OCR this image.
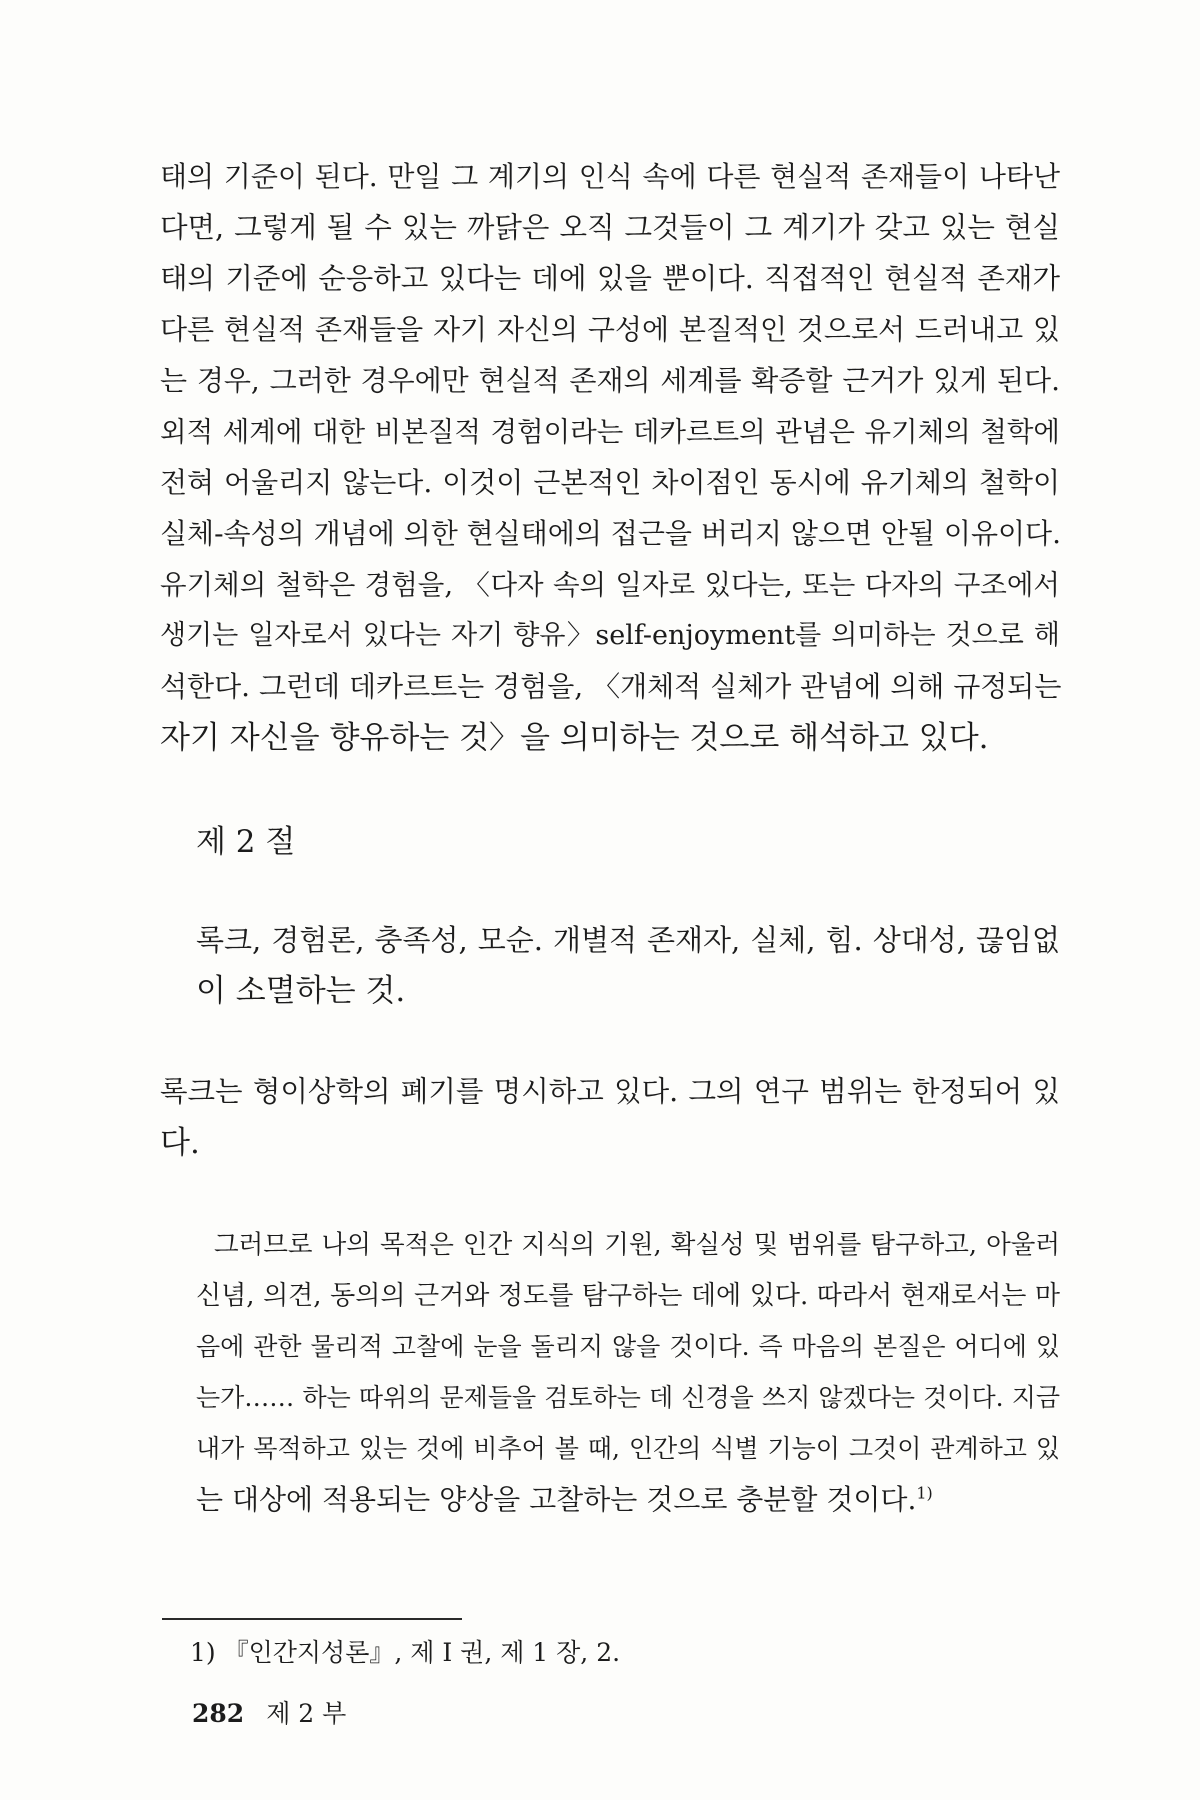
태의 기준이 된다. 만일 그 계기의 인식 속에 다른 현실적 존재들이 나타난
다면, 그렇게 될 수 있는 까닭은 오직 그것들이 그 계기가 갖고 있는 현실
태의 기준에 순응하고 있다는 데에 있을 뿐이다. 직접적인 현실적 존재가
다른 현실적 존재들을 자기 자신의 구성에 본질적인 것으로서 드러내고 있
는 경우, 그러한 경우에만 현실적 존재의 세계를 확증할 근거가 있게 된다.
외적 세계에 대한 비본질적 경험이라는 데카르트의 관념은 유기체의 철학에
전혀 어울리지 않는다. 이것이 근본적인 차이점인 동시에 유기체의 철학이
실체-속성의 개념에 의한 현실태에의 접근을 버리지 않으면 안될 이유이다.
유기체의 철학은 경험을, 〈다자 속의 일자로 있다는, 또는 다자의 구조에서
생기는 일자로서 있다는 자기 향유〉self-enjoyment를 의미하는 것으로 해
석한다. 그런데 데카르트는 경험을, 〈개체적 실체가 관념에 의해 규정되는
자기 자신을 향유하는 것〉을 의미하는 것으로 해석하고 있다.
제 2 절
록크, 경험론, 충족성, 모순. 개별적 존재자, 실체, 힘. 상대성, 끊임없
이 소멸하는 것.
록크는 형이상학의 폐기를 명시하고 있다. 그의 연구 범위는 한정되어 있
다.
그러므로 나의 목적은 인간 지식의 기원, 확실성 및 범위를 탐구하고, 아울러
신념, 의견, 동의의 근거와 정도를 탐구하는 데에 있다. 따라서 현재로서는 마
음에 관한 물리적 고찰에 눈을 돌리지 않을 것이다. 즉 마음의 본질은 어디에 있
는가…… 하는 따위의 문제들을 검토하는 데 신경을 쓰지 않겠다는 것이다. 지금
내가 목적하고 있는 것에 비추어 볼 때, 인간의 식별 기능이 그것이 관계하고 있
는 대상에 적용되는 양상을 고찰하는 것으로 충분할 것이다.$^{1)}$
1) 『인간지성론』, 제 I 권, 제 1 장, 2.
282 제 2 부
